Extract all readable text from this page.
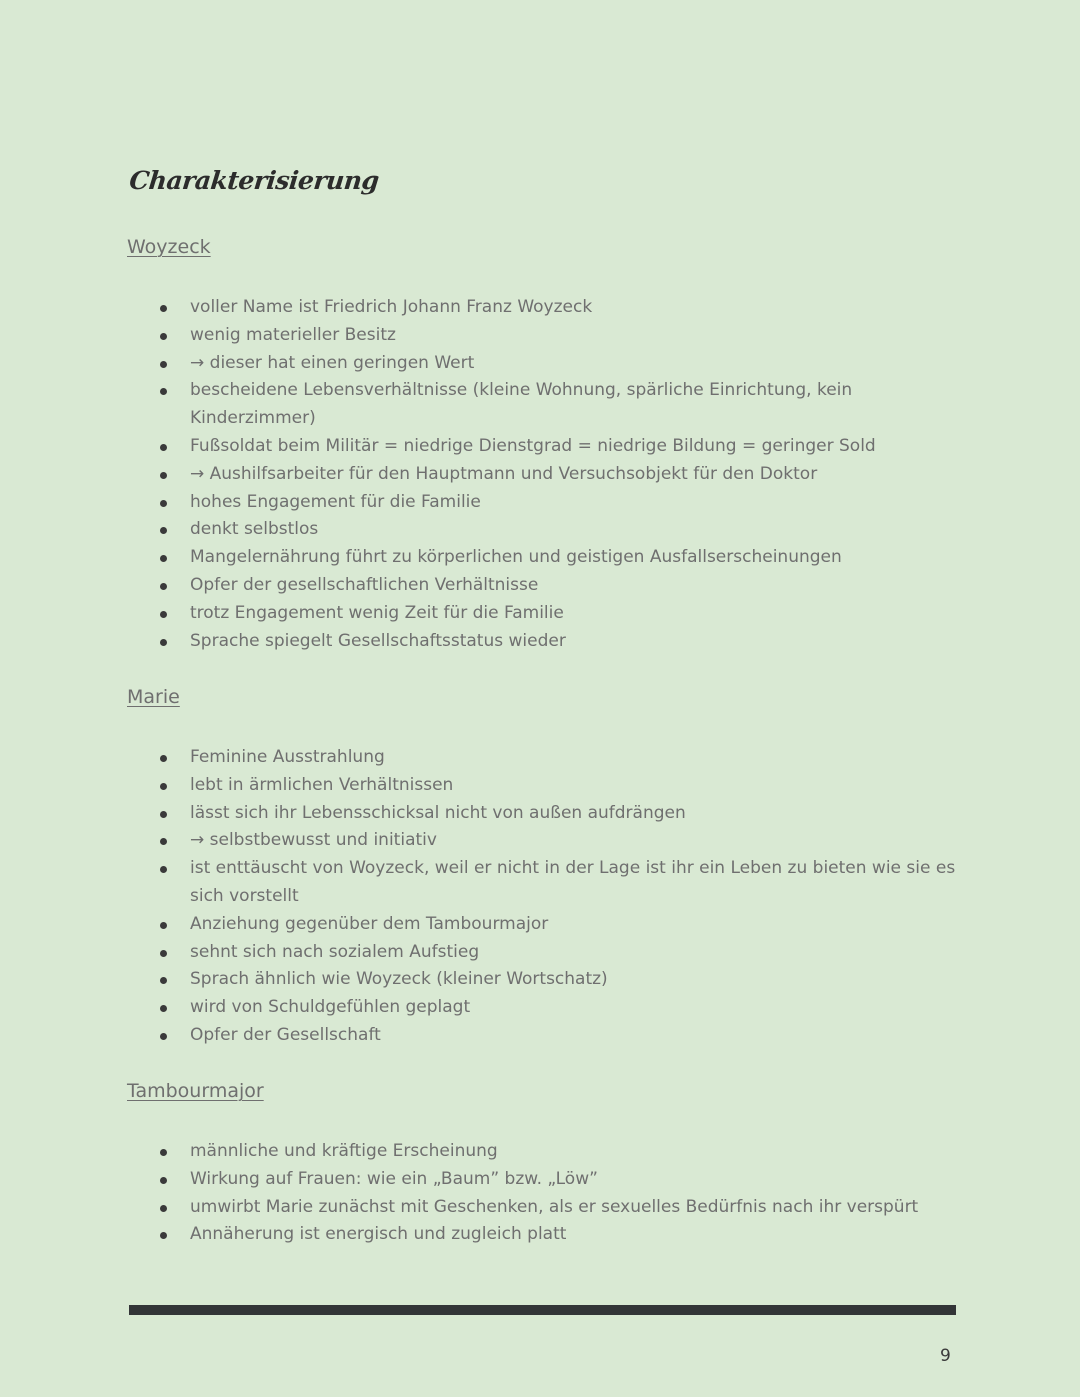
Charakterisierung
Woyzeck
voller Name ist Friedrich Johann Franz Woyzeck
wenig materieller Besitz
→ dieser hat einen geringen Wert
bescheidene Lebensverhältnisse (kleine Wohnung, spärliche Einrichtung, kein Kinderzimmer)
Fußsoldat beim Militär = niedrige Dienstgrad = niedrige Bildung = geringer Sold
→ Aushilfsarbeiter für den Hauptmann und Versuchsobjekt für den Doktor
hohes Engagement für die Familie
denkt selbstlos
Mangelernährung führt zu körperlichen und geistigen Ausfallserscheinungen
Opfer der gesellschaftlichen Verhältnisse
trotz Engagement wenig Zeit für die Familie
Sprache spiegelt Gesellschaftsstatus wieder
Marie
Feminine Ausstrahlung
lebt in ärmlichen Verhältnissen
lässt sich ihr Lebensschicksal nicht von außen aufdrängen
→ selbstbewusst und initiativ
ist enttäuscht von Woyzeck, weil er nicht in der Lage ist ihr ein Leben zu bieten wie sie es sich vorstellt
Anziehung gegenüber dem Tambourmajor
sehnt sich nach sozialem Aufstieg
Sprach ähnlich wie Woyzeck (kleiner Wortschatz)
wird von Schuldgefühlen geplagt
Opfer der Gesellschaft
Tambourmajor
männliche und kräftige Erscheinung
Wirkung auf Frauen: wie ein „Baum” bzw. „Löw”
umwirbt Marie zunächst mit Geschenken, als er sexuelles Bedürfnis nach ihr verspürt
Annäherung ist energisch und zugleich platt
9
